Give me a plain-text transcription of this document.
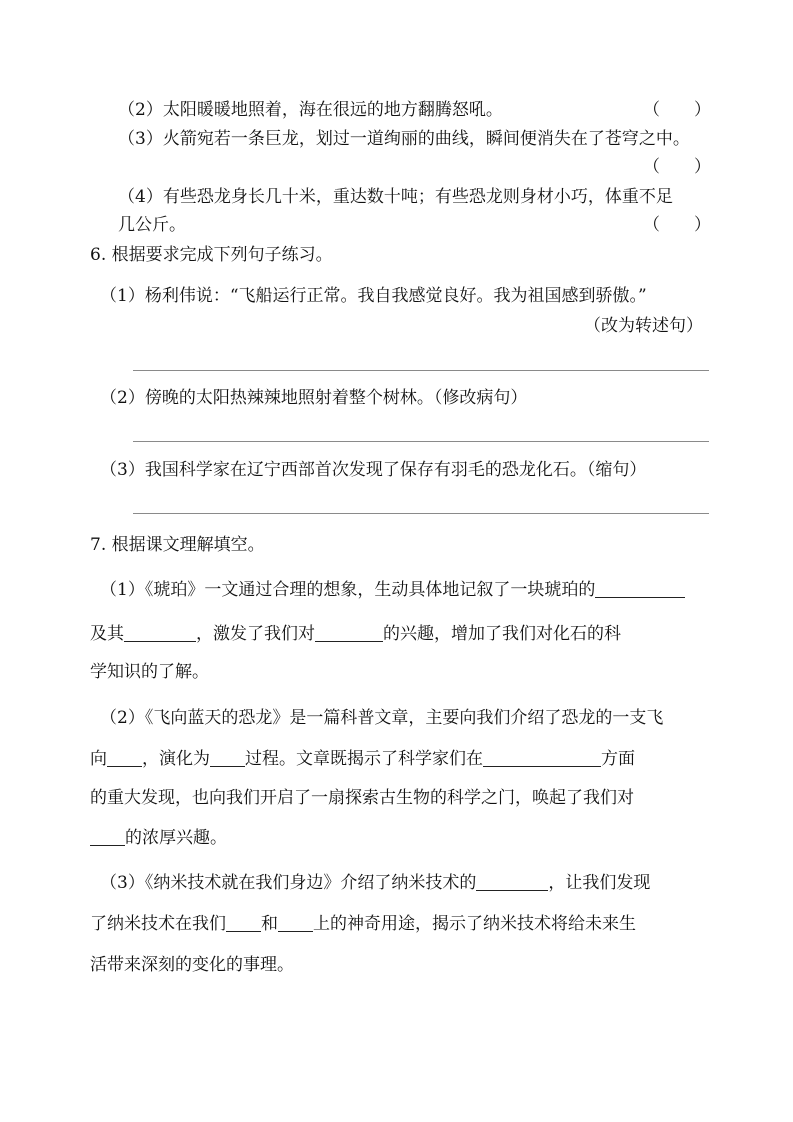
（2）太阳暖暖地照着，海在很远的地方翻腾怒吼。	（　　）

（3）火箭宛若一条巨龙，划过一道绚丽的曲线，瞬间便消失在了苍穹之中。

（　　）

（4）有些恐龙身长几十米，重达数十吨；有些恐龙则身材小巧，体重不足

几公斤。	（　　）

6. 根据要求完成下列句子练习。

（1）杨利伟说：“飞船运行正常。我自我感觉良好。我为祖国感到骄傲。”

（改为转述句）

（2）傍晚的太阳热辣辣地照射着整个树林。（修改病句）

（3）我国科学家在辽宁西部首次发现了保存有羽毛的恐龙化石。（缩句）

7. 根据课文理解填空。

（1）《琥珀》一文通过合理的想象，生动具体地记叙了一块琥珀的

及其	，激发了我们对	的兴趣，增加了我们对化石的科

学知识的了解。

（2）《飞向蓝天的恐龙》是一篇科普文章，主要向我们介绍了恐龙的一支飞

向 ，演化为 过程。文章既揭示了科学家们在	方面

的重大发现，也向我们开启了一扇探索古生物的科学之门，唤起了我们对

的浓厚兴趣。

（3）《纳米技术就在我们身边》介绍了纳米技术的	，让我们发现

了纳米技术在我们 和 上的神奇用途，揭示了纳米技术将给未来生

活带来深刻的变化的事理。
